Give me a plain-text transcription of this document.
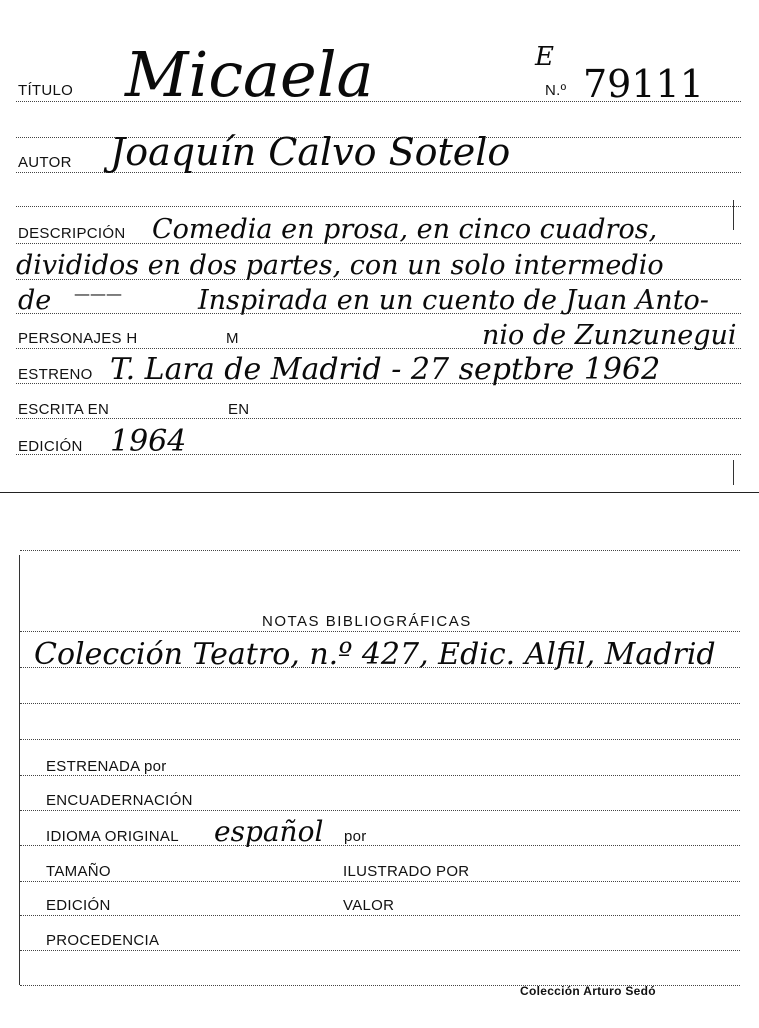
TÍTULO Micaela	E
N.º 79111
AUTOR Joaquín Calvo Sotelo
DESCRIPCIÓN Comedia en prosa, en cinco cuadros,
divididos en dos partes, con un solo intermedio
de ———	Inspirada en un cuento de Juan Anto-
PERSONAJES H	M	nio de Zunzunegui
ESTRENO T. Lara de Madrid - 27 septbre 1962
ESCRITA EN	EN
EDICIÓN 1964
NOTAS BIBLIOGRÁFICAS
Colección Teatro, n.º 427, Edic. Alfil, Madrid
ESTRENADA por
ENCUADERNACIÓN
IDIOMA ORIGINAL español por
TAMAÑO	ILUSTRADO POR
EDICIÓN	VALOR
PROCEDENCIA
Colección Arturo Sedó
